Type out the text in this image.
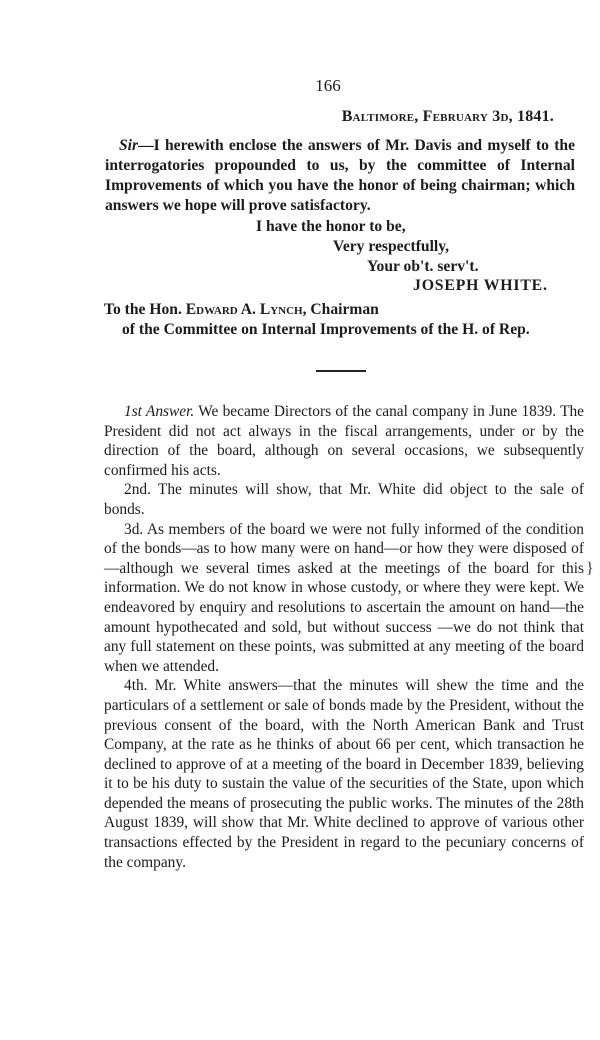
166
Baltimore, February 3d, 1841.

Sir—I herewith enclose the answers of Mr. Davis and myself to the interrogatories propounded to us, by the committee of Internal Improvements of which you have the honor of being chairman; which answers we hope will prove satisfactory.

I have the honor to be,
Very respectfully,
Your ob't. serv't.
JOSEPH WHITE.
To the Hon. Edward A. Lynch, Chairman
of the Committee on Internal Improvements of the H. of Rep.

1st Answer. We became Directors of the canal company in June 1839. The President did not act always in the fiscal arrangements, under or by the direction of the board, although on several occasions, we subsequently confirmed his acts.

2nd. The minutes will show, that Mr. White did object to the sale of bonds.

3d. As members of the board we were not fully informed of the condition of the bonds—as to how many were on hand—or how they were disposed of—although we several times asked at the meetings of the board for this information. We do not know in whose custody, or where they were kept. We endeavored by enquiry and resolutions to ascertain the amount on hand—the amount hypothecated and sold, but without success —we do not think that any full statement on these points, was submitted at any meeting of the board when we attended.

4th. Mr. White answers—that the minutes will shew the time and the particulars of a settlement or sale of bonds made by the President, without the previous consent of the board, with the North American Bank and Trust Company, at the rate as he thinks of about 66 per cent, which transaction he declined to approve of at a meeting of the board in December 1839, believing it to be his duty to sustain the value of the securities of the State, upon which depended the means of prosecuting the public works. The minutes of the 28th August 1839, will show that Mr. White declined to approve of various other transactions effected by the President in regard to the pecuniary concerns of the company.

}
